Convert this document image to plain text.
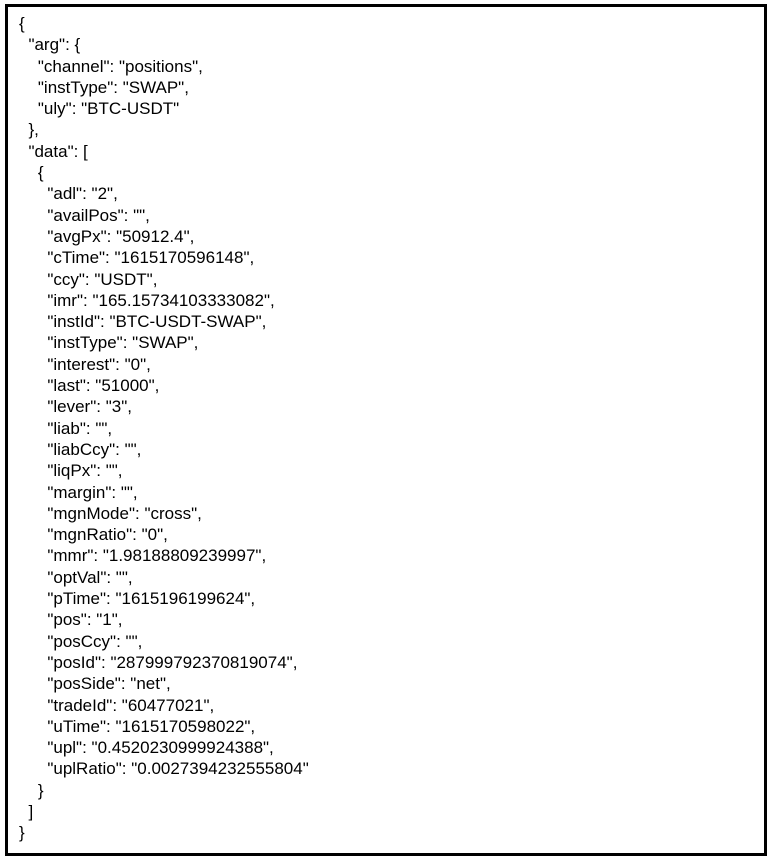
{
"arg": {
"channel": "positions",
"instType": "SWAP",
"uly": "BTC-USDT"
},
"data": [
{
"adl": "2",
"availPos": "",
"avgPx": "50912.4",
"cTime": "1615170596148",
"ccy": "USDT",
"imr": "165.15734103333082",
"instId": "BTC-USDT-SWAP",
"instType": "SWAP",
"interest": "0",
"last": "51000",
"lever": "3",
"liab": "",
"liabCcy": "",
"liqPx": "",
"margin": "",
"mgnMode": "cross",
"mgnRatio": "0",
"mmr": "1.98188809239997",
"optVal": "",
"pTime": "1615196199624",
"pos": "1",
"posCcy": "",
"posId": "287999792370819074",
"posSide": "net",
"tradeId": "60477021",
"uTime": "1615170598022",
"upl": "0.4520230999924388",
"uplRatio": "0.0027394232555804"
}
]
}
